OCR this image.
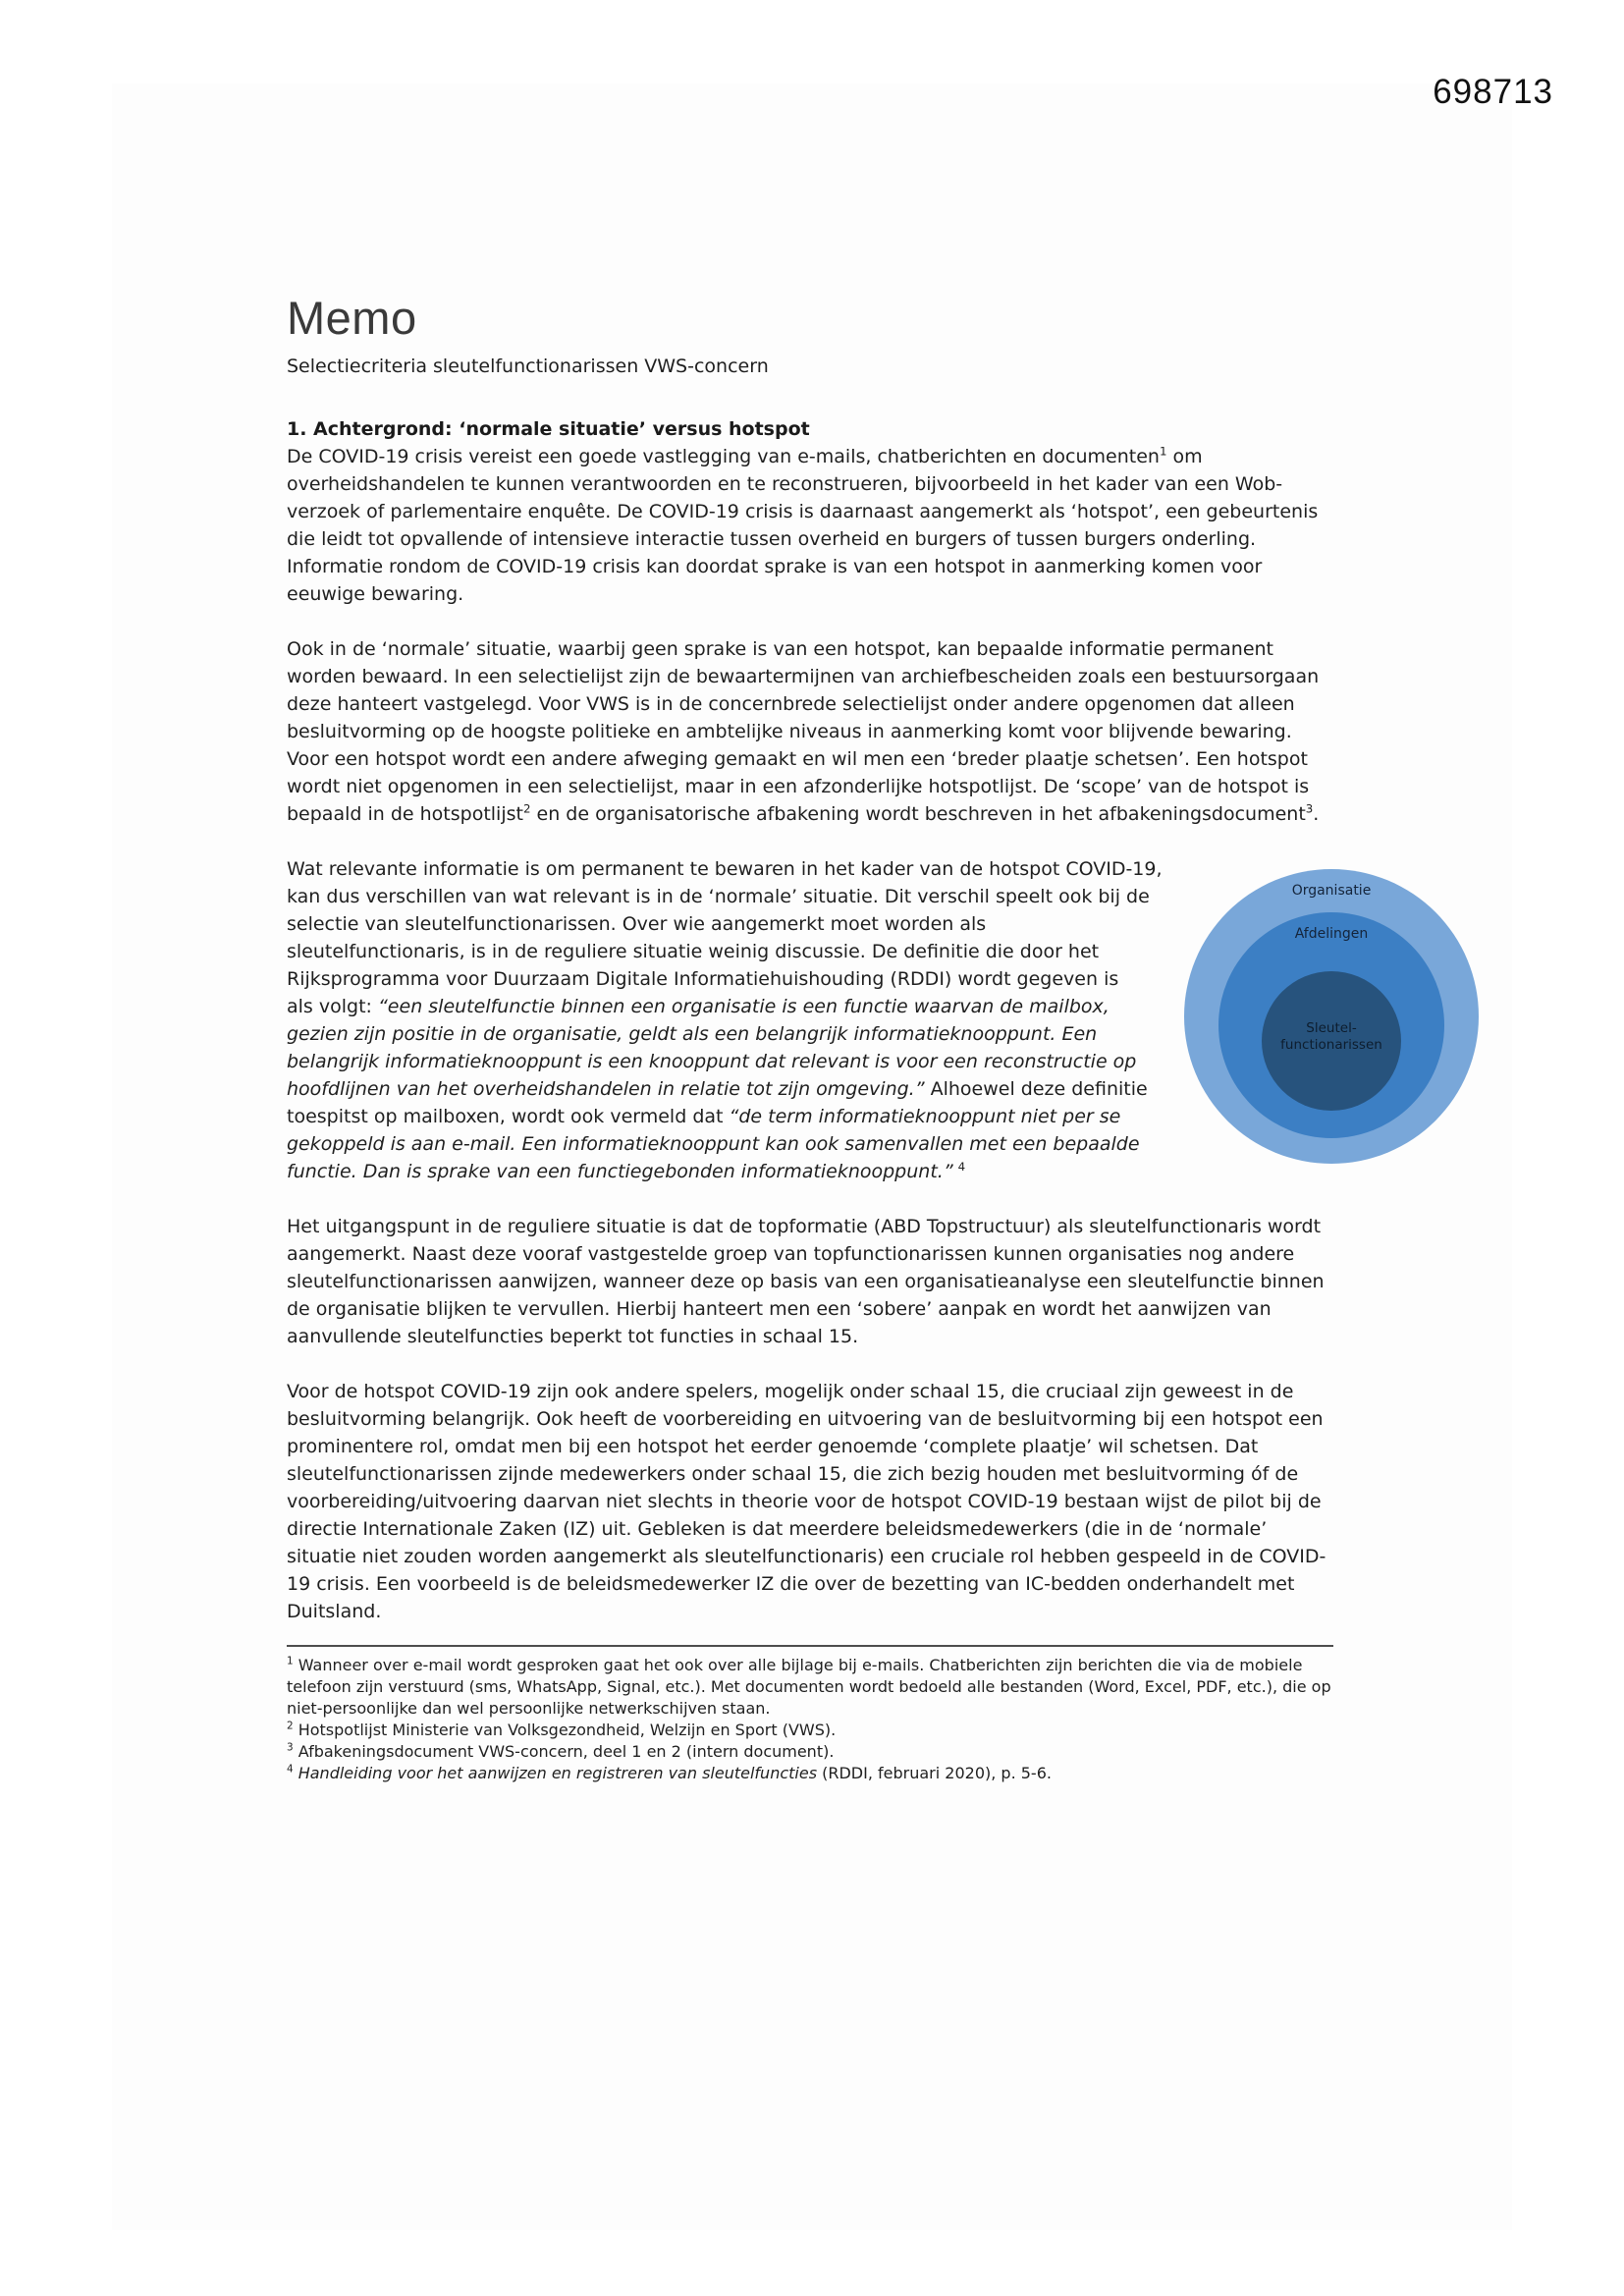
698713
Memo
Selectiecriteria sleutelfunctionarissen VWS-concern
1. Achtergrond: ‘normale situatie’ versus hotspot

De COVID-19 crisis vereist een goede vastlegging van e-mails, chatberichten en documenten$^1$ om overheidshandelen te kunnen verantwoorden en te reconstrueren, bijvoorbeeld in het kader van een Wob-verzoek of parlementaire enquête. De COVID-19 crisis is daarnaast aangemerkt als ‘hotspot’, een gebeurtenis die leidt tot opvallende of intensieve interactie tussen overheid en burgers of tussen burgers onderling. Informatie rondom de COVID-19 crisis kan doordat sprake is van een hotspot in aanmerking komen voor eeuwige bewaring.

Ook in de ‘normale’ situatie, waarbij geen sprake is van een hotspot, kan bepaalde informatie permanent worden bewaard. In een selectielijst zijn de bewaartermijnen van archiefbescheiden zoals een bestuursorgaan deze hanteert vastgelegd. Voor VWS is in de concernbrede selectielijst onder andere opgenomen dat alleen besluitvorming op de hoogste politieke en ambtelijke niveaus in aanmerking komt voor blijvende bewaring. Voor een hotspot wordt een andere afweging gemaakt en wil men een ‘breder plaatje schetsen’. Een hotspot wordt niet opgenomen in een selectielijst, maar in een afzonderlijke hotspotlijst. De ‘scope’ van de hotspot is bepaald in de hotspotlijst$^2$ en de organisatorische afbakening wordt beschreven in het afbakeningsdocument$^3$.

Organisatie
Afdelingen
Sleutel-functionarissen
Wat relevante informatie is om permanent te bewaren in het kader van de hotspot COVID-19, kan dus verschillen van wat relevant is in de ‘normale’ situatie. Dit verschil speelt ook bij de selectie van sleutelfunctionarissen. Over wie aangemerkt moet worden als sleutelfunctionaris, is in de reguliere situatie weinig discussie. De definitie die door het Rijksprogramma voor Duurzaam Digitale Informatiehuishouding (RDDI) wordt gegeven is als volgt: “een sleutelfunctie binnen een organisatie is een functie waarvan de mailbox, gezien zijn positie in de organisatie, geldt als een belangrijk informatieknooppunt. Een belangrijk informatieknooppunt is een knooppunt dat relevant is voor een reconstructie op hoofdlijnen van het overheidshandelen in relatie tot zijn omgeving.” Alhoewel deze definitie toespitst op mailboxen, wordt ook vermeld dat “de term informatieknooppunt niet per se gekoppeld is aan e-mail. Een informatieknooppunt kan ook samenvallen met een bepaalde functie. Dan is sprake van een functiegebonden informatieknooppunt.” $^4$

Het uitgangspunt in de reguliere situatie is dat de topformatie (ABD Topstructuur) als sleutelfunctionaris wordt aangemerkt. Naast deze vooraf vastgestelde groep van topfunctionarissen kunnen organisaties nog andere sleutelfunctionarissen aanwijzen, wanneer deze op basis van een organisatieanalyse een sleutelfunctie binnen de organisatie blijken te vervullen. Hierbij hanteert men een ‘sobere’ aanpak en wordt het aanwijzen van aanvullende sleutelfuncties beperkt tot functies in schaal 15.

Voor de hotspot COVID-19 zijn ook andere spelers, mogelijk onder schaal 15, die cruciaal zijn geweest in de besluitvorming belangrijk. Ook heeft de voorbereiding en uitvoering van de besluitvorming bij een hotspot een prominentere rol, omdat men bij een hotspot het eerder genoemde ‘complete plaatje’ wil schetsen. Dat sleutelfunctionarissen zijnde medewerkers onder schaal 15, die zich bezig houden met besluitvorming óf de voorbereiding/uitvoering daarvan niet slechts in theorie voor de hotspot COVID-19 bestaan wijst de pilot bij de directie Internationale Zaken (IZ) uit. Gebleken is dat meerdere beleidsmedewerkers (die in de ‘normale’ situatie niet zouden worden aangemerkt als sleutelfunctionaris) een cruciale rol hebben gespeeld in de COVID-19 crisis. Een voorbeeld is de beleidsmedewerker IZ die over de bezetting van IC-bedden onderhandelt met Duitsland.

$^1$ Wanneer over e-mail wordt gesproken gaat het ook over alle bijlage bij e-mails. Chatberichten zijn berichten die via de mobiele telefoon zijn verstuurd (sms, WhatsApp, Signal, etc.). Met documenten wordt bedoeld alle bestanden (Word, Excel, PDF, etc.), die op niet-persoonlijke dan wel persoonlijke netwerkschijven staan.

$^2$ Hotspotlijst Ministerie van Volksgezondheid, Welzijn en Sport (VWS).

$^3$ Afbakeningsdocument VWS-concern, deel 1 en 2 (intern document).

$^4$ Handleiding voor het aanwijzen en registreren van sleutelfuncties (RDDI, februari 2020), p. 5-6.
